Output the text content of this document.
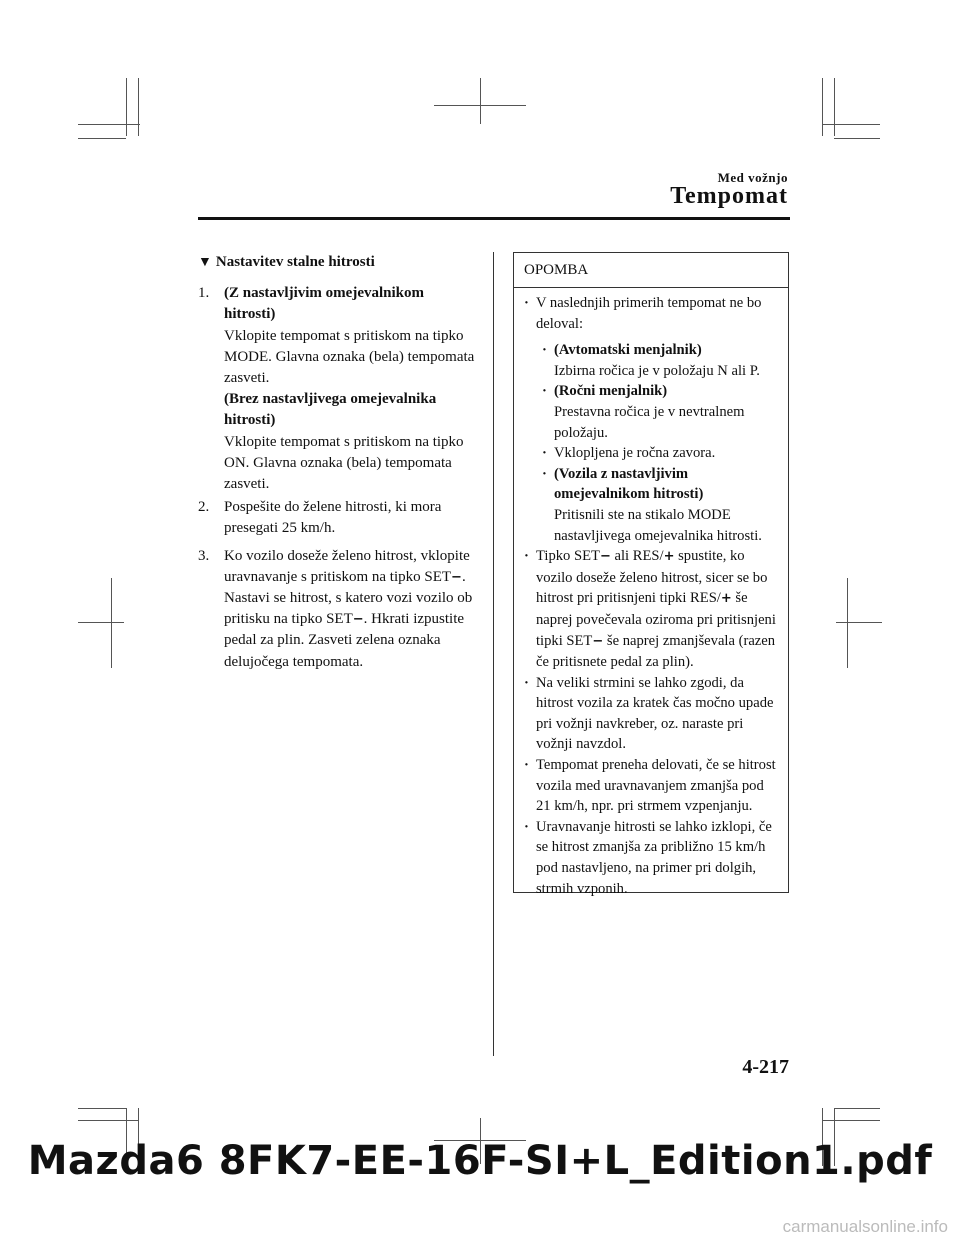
Med vožnjo
Tempomat
▼ Nastavitev stalne hitrosti
1. (Z nastavljivim omejevalnikom hitrosti)
Vklopite tempomat s pritiskom na tipko MODE. Glavna oznaka (bela) tempomata zasveti.
(Brez nastavljivega omejevalnika hitrosti)
Vklopite tempomat s pritiskom na tipko ON. Glavna oznaka (bela) tempomata zasveti.
2. Pospešite do želene hitrosti, ki mora presegati 25 km/h.
3. Ko vozilo doseže želeno hitrost, vklopite uravnavanje s pritiskom na tipko SET−. Nastavi se hitrost, s katero vozi vozilo ob pritisku na tipko SET−. Hkrati izpustite pedal za plin. Zasveti zelena oznaka delujočega tempomata.
OPOMBA
· V naslednjih primerih tempomat ne bo deloval:
· (Avtomatski menjalnik)
Izbirna ročica je v položaju N ali P.
· (Ročni menjalnik)
Prestavna ročica je v nevtralnem položaju.
· Vklopljena je ročna zavora.
· (Vozila z nastavljivim omejevalnikom hitrosti)
Pritisnili ste na stikalo MODE nastavljivega omejevalnika hitrosti.
· Tipko SET− ali RES/+ spustite, ko vozilo doseže želeno hitrost, sicer se bo hitrost pri pritisnjeni tipki RES/+ še naprej povečevala oziroma pri pritisnjeni tipki SET− še naprej zmanjševala (razen če pritisnete pedal za plin).
· Na veliki strmini se lahko zgodi, da hitrost vozila za kratek čas močno upade pri vožnji navkreber, oz. naraste pri vožnji navzdol.
· Tempomat preneha delovati, če se hitrost vozila med uravnavanjem zmanjša pod 21 km/h, npr. pri strmem vzpenjanju.
· Uravnavanje hitrosti se lahko izklopi, če se hitrost zmanjša za približno 15 km/h pod nastavljeno, na primer pri dolgih, strmih vzponih.
4-217
Mazda6 8FK7-EE-16F-SI+L_Edition1.pdf
carmanualsonline.info
